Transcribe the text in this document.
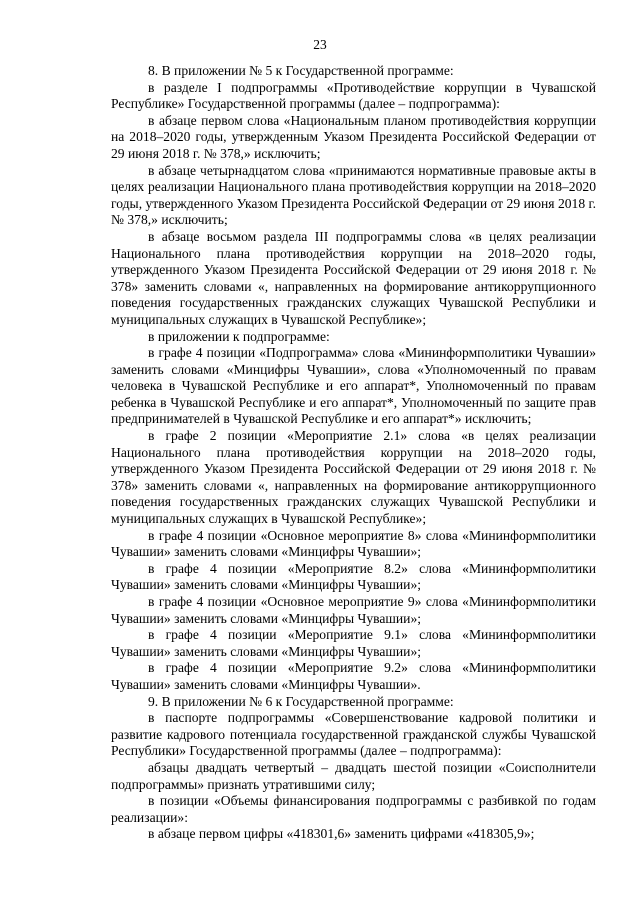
23

8. В приложении № 5 к Государственной программе:

в разделе I подпрограммы «Противодействие коррупции в Чувашской Республике» Государственной программы (далее – подпрограмма):

в абзаце первом слова «Национальным планом противодействия коррупции на 2018–2020 годы, утвержденным Указом Президента Российской Федерации от 29 июня 2018 г. № 378,» исключить;

в абзаце четырнадцатом слова «принимаются нормативные правовые акты в целях реализации Национального плана противодействия коррупции на 2018–2020 годы, утвержденного Указом Президента Российской Федерации от 29 июня 2018 г. № 378,» исключить;

в абзаце восьмом раздела III подпрограммы слова «в целях реализации Национального плана противодействия коррупции на 2018–2020 годы, утвержденного Указом Президента Российской Федерации от 29 июня 2018 г. № 378» заменить словами «, направленных на формирование антикоррупционного поведения государственных гражданских служащих Чувашской Республики и муниципальных служащих в Чувашской Республике»;

в приложении к подпрограмме:

в графе 4 позиции «Подпрограмма» слова «Мининформполитики Чувашии» заменить словами «Минцифры Чувашии», слова «Уполномоченный по правам человека в Чувашской Республике и его аппарат*, Уполномоченный по правам ребенка в Чувашской Республике и его аппарат*, Уполномоченный по защите прав предпринимателей в Чувашской Республике и его аппарат*» исключить;

в графе 2 позиции «Мероприятие 2.1» слова «в целях реализации Национального плана противодействия коррупции на 2018–2020 годы, утвержденного Указом Президента Российской Федерации от 29 июня 2018 г. № 378» заменить словами «, направленных на формирование антикоррупционного поведения государственных гражданских служащих Чувашской Республики и муниципальных служащих в Чувашской Республике»;

в графе 4 позиции «Основное мероприятие 8» слова «Мининформполитики Чувашии» заменить словами «Минцифры Чувашии»;

в графе 4 позиции «Мероприятие 8.2» слова «Мининформполитики Чувашии» заменить словами «Минцифры Чувашии»;

в графе 4 позиции «Основное мероприятие 9» слова «Мининформполитики Чувашии» заменить словами «Минцифры Чувашии»;

в графе 4 позиции «Мероприятие 9.1» слова «Мининформполитики Чувашии» заменить словами «Минцифры Чувашии»;

в графе 4 позиции «Мероприятие 9.2» слова «Мининформполитики Чувашии» заменить словами «Минцифры Чувашии».

9. В приложении № 6 к Государственной программе:

в паспорте подпрограммы «Совершенствование кадровой политики и развитие кадрового потенциала государственной гражданской службы Чувашской Республики» Государственной программы (далее – подпрограмма):

абзацы двадцать четвертый – двадцать шестой позиции «Соисполнители подпрограммы» признать утратившими силу;

в позиции «Объемы финансирования подпрограммы с разбивкой по годам реализации»:

в абзаце первом цифры «418301,6» заменить цифрами «418305,9»;
